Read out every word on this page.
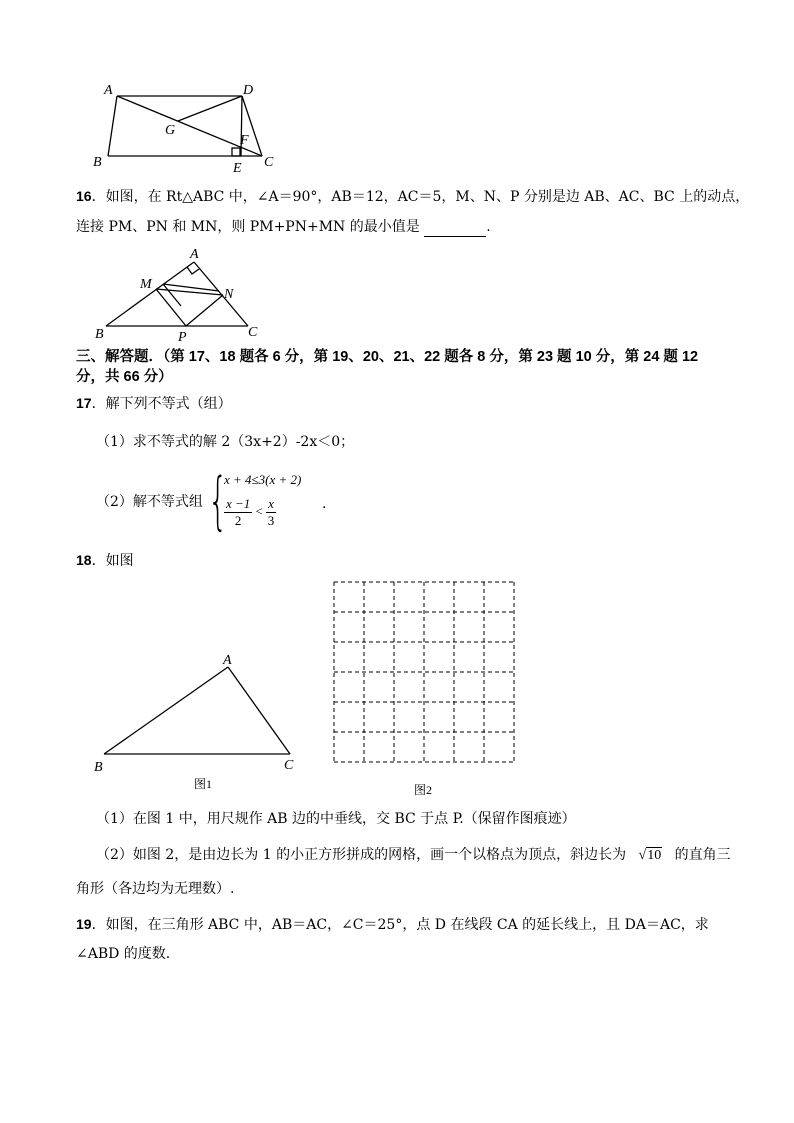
A	D
G
F
B	E C
16．如图，在 Rt△ABC 中，∠A＝90°，AB＝12，AC＝5，M、N、P 分别是边 AB、AC、BC 上的动点，
连接 PM、PN 和 MN，则 PM+PN+MN 的最小值是	.
A
M
N
B	P	C
三、解答题．（第 17、18 题各 6 分，第 19、20、21、22 题各 8 分，第 23 题 10 分，第 24 题 12
分，共 66 分）
17．解下列不等式（组）
（1）求不等式的解 2（3x+2）-2x＜0；
（2）解不等式组 {
x + 4≤3(x + 2)
$\frac{x -1}{2} < \frac{x}{3}$	.
18．如图
A
B	C
图1	图2
（1）在图 1 中，用尺规作 AB 边的中垂线，交 BC 于点 P.（保留作图痕迹）
（2）如图 2，是由边长为 1 的小正方形拼成的网格，画一个以格点为顶点，斜边长为 √10 的直角三
角形（各边均为无理数）.
19．如图，在三角形 ABC 中，AB＝AC，∠C＝25°，点 D 在线段 CA 的延长线上，且 DA＝AC，求
∠ABD 的度数.
